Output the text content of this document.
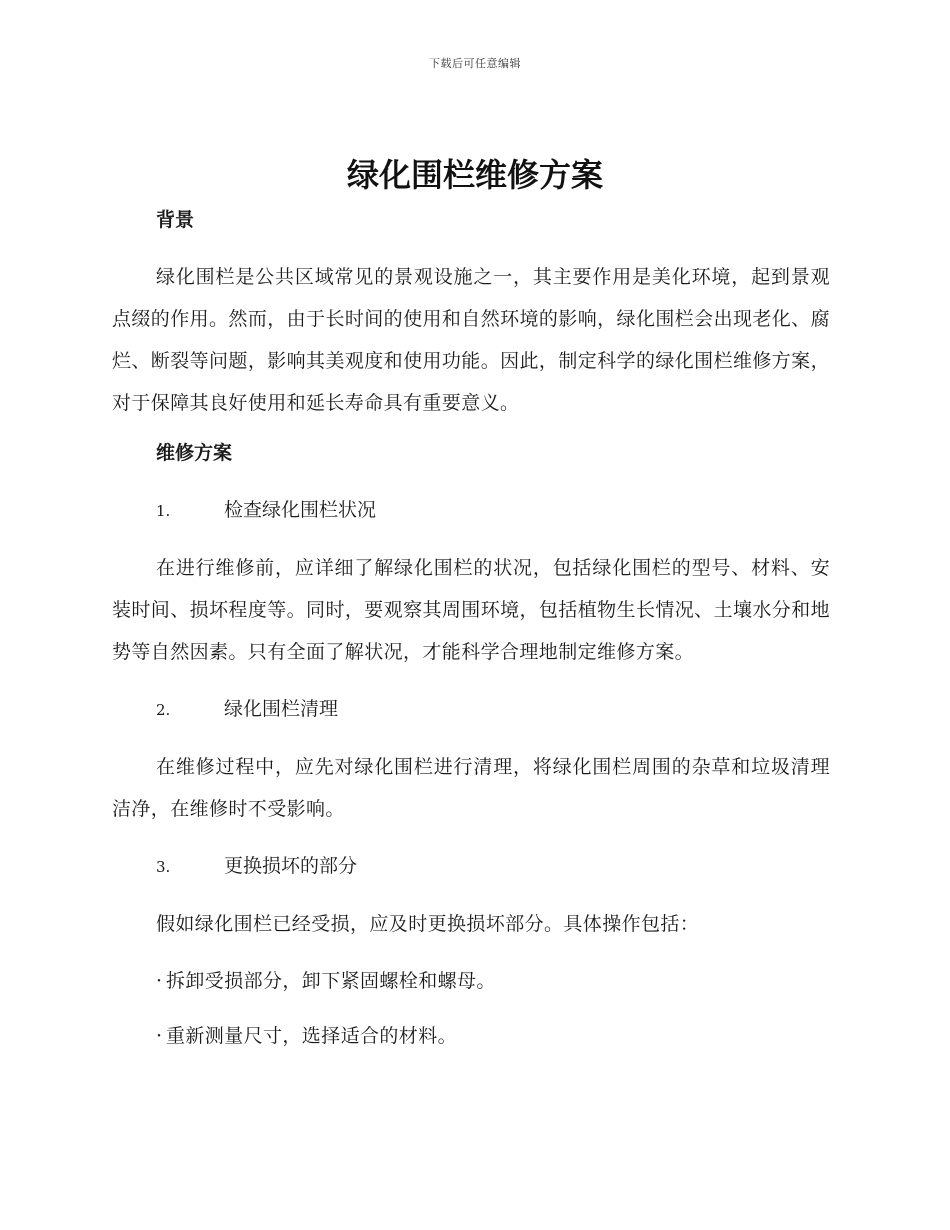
下载后可任意编辑
绿化围栏维修方案
背景

绿化围栏是公共区域常见的景观设施之一，其主要作用是美化环境，起到景观点缀的作用。然而，由于长时间的使用和自然环境的影响，绿化围栏会出现老化、腐烂、断裂等问题，影响其美观度和使用功能。因此，制定科学的绿化围栏维修方案，对于保障其良好使用和延长寿命具有重要意义。

维修方案
1.	检查绿化围栏状况

在进行维修前，应详细了解绿化围栏的状况，包括绿化围栏的型号、材料、安装时间、损坏程度等。同时，要观察其周围环境，包括植物生长情况、土壤水分和地势等自然因素。只有全面了解状况，才能科学合理地制定维修方案。

2.	绿化围栏清理

在维修过程中，应先对绿化围栏进行清理，将绿化围栏周围的杂草和垃圾清理洁净，在维修时不受影响。

3.	更换损坏的部分

假如绿化围栏已经受损，应及时更换损坏部分。具体操作包括：

· 拆卸受损部分，卸下紧固螺栓和螺母。
· 重新测量尺寸，选择适合的材料。
